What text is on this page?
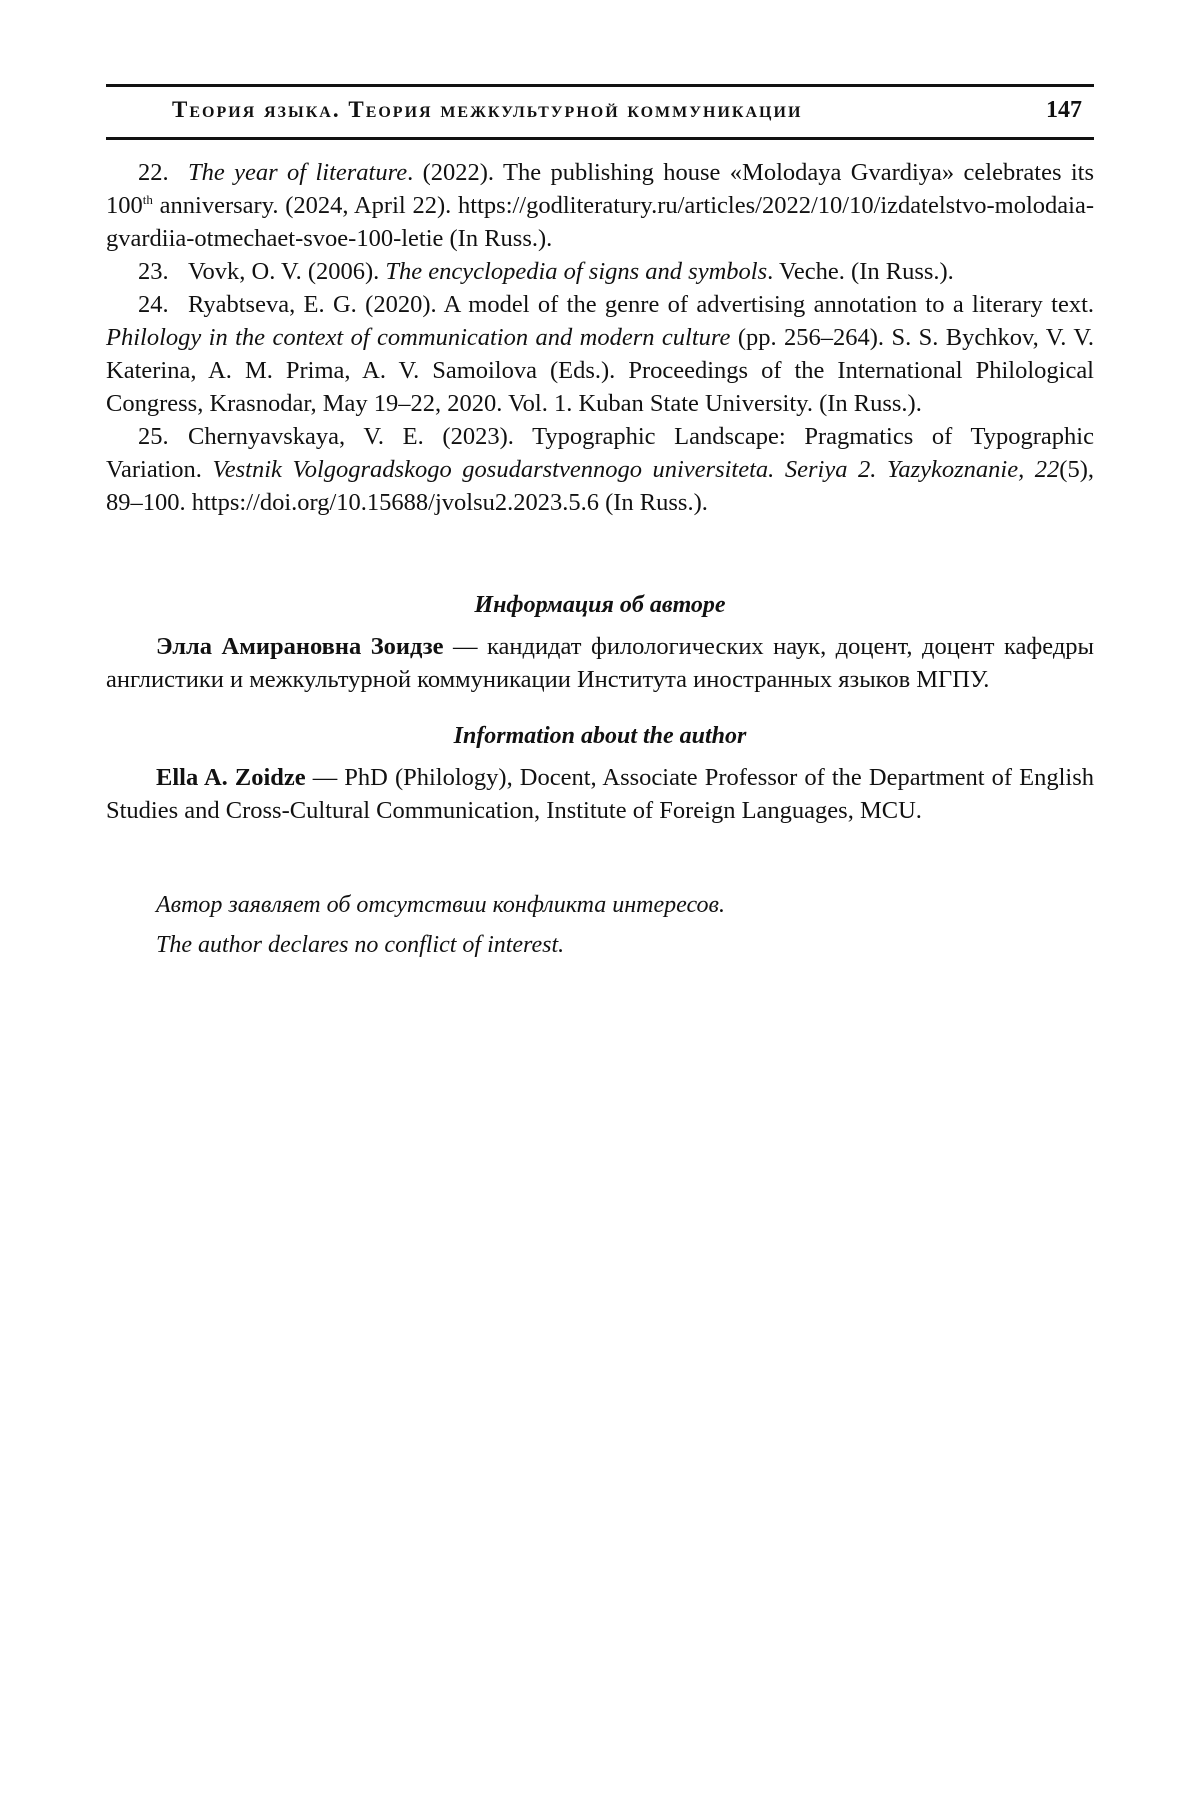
Теория языка. Теория межкультурной коммуникации	147

22. The year of literature. (2022). The publishing house «Molodaya Gvardiya» celebrates its 100th anniversary. (2024, April 22). https://godliteratury.ru/articles/2022/10/10/izdatelstvo-molodaia-gvardiia-otmechaet-svoe-100-letie (In Russ.).

23. Vovk, O. V. (2006). The encyclopedia of signs and symbols. Veche. (In Russ.).

24. Ryabtseva, E. G. (2020). A model of the genre of advertising annotation to a literary text. Philology in the context of communication and modern culture (pp. 256–264). S. S. Bychkov, V. V. Katerina, A. M. Prima, A. V. Samoilova (Eds.). Proceedings of the International Philological Congress, Krasnodar, May 19–22, 2020. Vol. 1. Kuban State University. (In Russ.).

25. Chernyavskaya, V. E. (2023). Typographic Landscape: Pragmatics of Typographic Variation. Vestnik Volgogradskogo gosudarstvennogo universiteta. Seriya 2. Yazykoznanie, 22(5), 89–100. https://doi.org/10.15688/jvolsu2.2023.5.6 (In Russ.).

Информация об авторе

Элла Амирановна Зоидзе — кандидат филологических наук, доцент, доцент кафедры англистики и межкультурной коммуникации Института иностранных языков МГПУ.

Information about the author

Ella A. Zoidze — PhD (Philology), Docent, Associate Professor of the Department of English Studies and Cross-Cultural Communication, Institute of Foreign Languages, MCU.

Автор заявляет об отсутствии конфликта интересов.

The author declares no conflict of interest.
